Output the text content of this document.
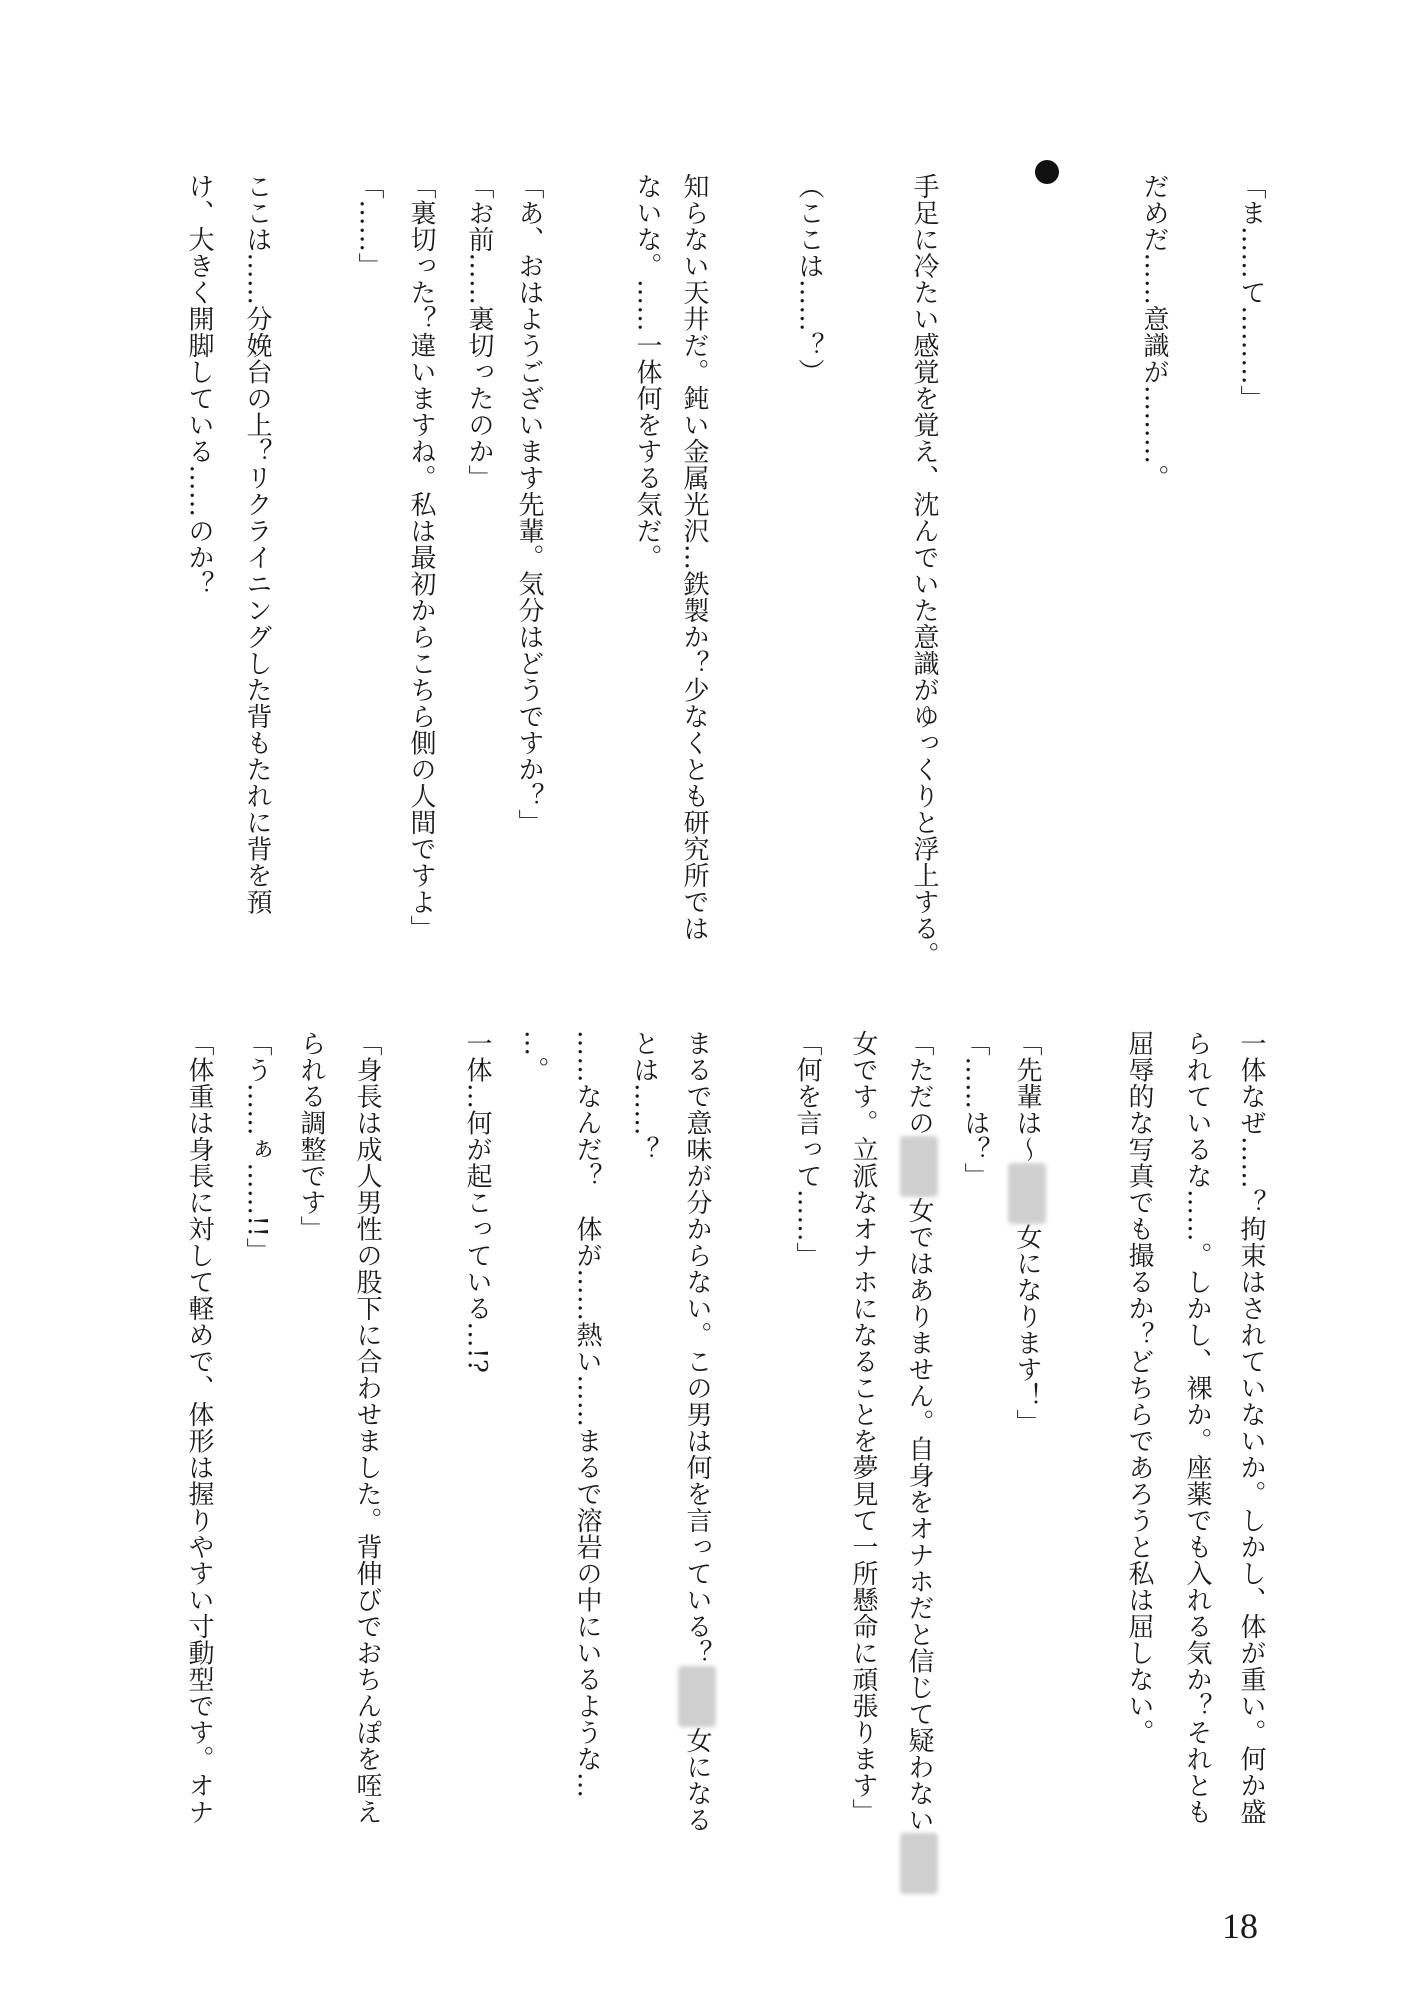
「ま……て………」
だめだ……意識が………。
手足に冷たい感覚を覚え、沈んでいた意識がゆっくりと浮上する。
（ここは……？）
知らない天井だ。鈍い金属光沢…鉄製か？少なくとも研究所では
ないな。……一体何をする気だ。
「あ、おはようございます先輩。気分はどうですか？」
「お前……裏切ったのか」
「裏切った？違いますね。私は最初からこちら側の人間ですよ」
「……」
ここは……分娩台の上？リクライニングした背もたれに背を預
け、大きく開脚している……のか？
一体なぜ……？拘束はされていないか。しかし、体が重い。何か盛
られているな……。しかし、裸か。座薬でも入れる気か？それとも
屈辱的な写真でも撮るか？どちらであろうと私は屈しない。
「先輩は～女になります！」
「……は？」
「ただの女ではありません。自身をオナホだと信じて疑わない
女です。立派なオナホになることを夢見て一所懸命に頑張ります」
「何を言って……」
まるで意味が分からない。この男は何を言っている？女になる
とは……？
……なんだ？　体が……熱い……まるで溶岩の中にいるような…
…。
一体…何が起こっている…!?
「身長は成人男性の股下に合わせました。背伸びでおちんぽを咥え
られる調整です」
「う……ぁ……!!」
「体重は身長に対して軽めで、体形は握りやすい寸動型です。オナ
18
